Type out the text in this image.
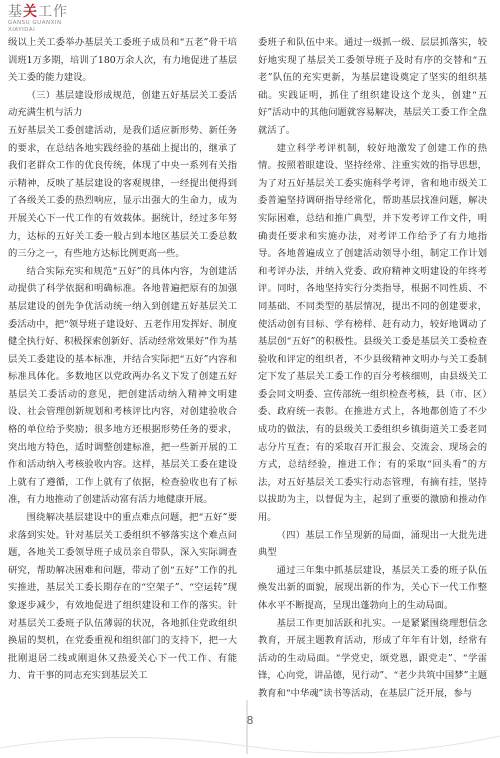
基关工作
GANSU GUANXIN
XIAYIDAI

级以上关工委举办基层关工委班子成员和“五老”骨干培训班1万多期，培训了180万余人次，有力地促进了基层关工委的能力建设。

（三）基层建设形成规范，创建五好基层关工委活动充满生机与活力

五好基层关工委创建活动，是我们适应新形势、新任务的要求，在总结各地实践经验的基础上提出的，继承了我们老群众工作的优良传统，体现了中央一系列有关指示精神，反映了基层建设的客观规律，一经提出便得到了各级关工委的热烈响应，显示出强大的生命力，成为开展关心下一代工作的有效载体。据统计，经过多年努力，达标的五好关工委一般占到本地区基层关工委总数的三分之一，有些地方达标比例更高一些。

结合实际充实和规范“五好”的具体内容，为创建活动提供了科学依据和明确标准。各地普遍把原有的加强基层建设的创先争优活动统一纳入到创建五好基层关工委活动中，把“领导班子建设好、五老作用发挥好、制度健全执行好、积极探索创新好、活动经常效果好”作为基层关工委建设的基本标准，并结合实际把“五好”内容和标准具体化。多数地区以党政两办名义下发了创建五好基层关工委活动的意见，把创建活动纳入精神文明建设、社会管理创新规划和考核评比内容，对创建验收合格的单位给予奖励；很多地方还根据形势任务的要求，突出地方特色，适时调整创建标准，把一些新开展的工作和活动纳入考核验收内容。这样，基层关工委在建设上就有了遵循，工作上就有了依据，检查验收也有了标准，有力地推动了创建活动富有活力地健康开展。

围绕解决基层建设中的重点难点问题，把“五好”要求落到实处。针对基层关工委组织不够落实这个难点问题，各地关工委领导班子成员亲自带队，深入实际调查研究，帮助解决困难和问题，带动了创“五好”工作的扎实推进，基层关工委长期存在的“空架子”、“空运转”现象逐步减少，有效地促进了组织建设和工作的落实。针对基层关工委班子队伍薄弱的状况，各地抓住党政组织换届的契机，在党委重视和组织部门的支持下，把一大批刚退居二线或刚退休又热爱关心下一代工作、有能力、肯干事的同志充实到基层关工

委班子和队伍中来。通过一级抓一级、层层抓落实，较好地实现了基层关工委领导班子及时有序的交替和“五老”队伍的充实更新，为基层建设奠定了坚实的组织基础。实践证明，抓住了组织建设这个龙头，创建“五好”活动中的其他问题就容易解决，基层关工委工作全盘就活了。

建立科学考评机制，较好地激发了创建工作的热情。按照着眼建设、坚持经常、注重实效的指导思想，为了对五好基层关工委实施科学考评，省和地市级关工委普遍坚持调研指导经常化，帮助基层找准问题，解决实际困难，总结和推广典型，并下发考评工作文件，明确责任要求和实施办法，对考评工作给予了有力地指导。各地普遍成立了创建活动领导小组，制定工作计划和考评办法，并纳入党委、政府精神文明建设的年终考评。同时，各地坚持实行分类指导，根据不同性质、不同基础、不同类型的基层情况，提出不同的创建要求，使活动创有目标、学有榜样、赶有动力，较好地调动了基层创“五好”的积极性。县级关工委是基层关工委检查验收和评定的组织者，不少县级精神文明办与关工委制定下发了基层关工委工作的百分考核细则，由县级关工委会同文明委、宣传部统一组织检查考核，县（市、区）委、政府统一表彰。在推进方式上，各地都创造了不少成功的做法，有的县级关工委组织乡镇街道关工委老同志分片互查；有的采取召开汇报会、交流会、现场会的方式，总结经验，推进工作；有的采取“回头看”的方法，对五好基层关工委实行动态管理，有摘有挂，坚持以拔助为主，以督促为主，起到了重要的激励和推动作用。

（四）基层工作呈现新的局面，涌现出一大批先进典型

通过三年集中抓基层建设，基层关工委的班子队伍焕发出新的面貌，展现出新的作为，关心下一代工作整体水平不断提高，呈现出蓬勃向上的生动局面。

基层工作更加活跃和扎实。一是紧紧围绕理想信念教育，开展主题教育活动，形成了年年有计划，经常有活动的生动局面。“学党史，颂党恩，跟党走”、“学雷锋，心向党，讲品德，见行动”、“老少共筑中国梦”主题教育和“中华魂”读书等活动，在基层广泛开展，参与

8
